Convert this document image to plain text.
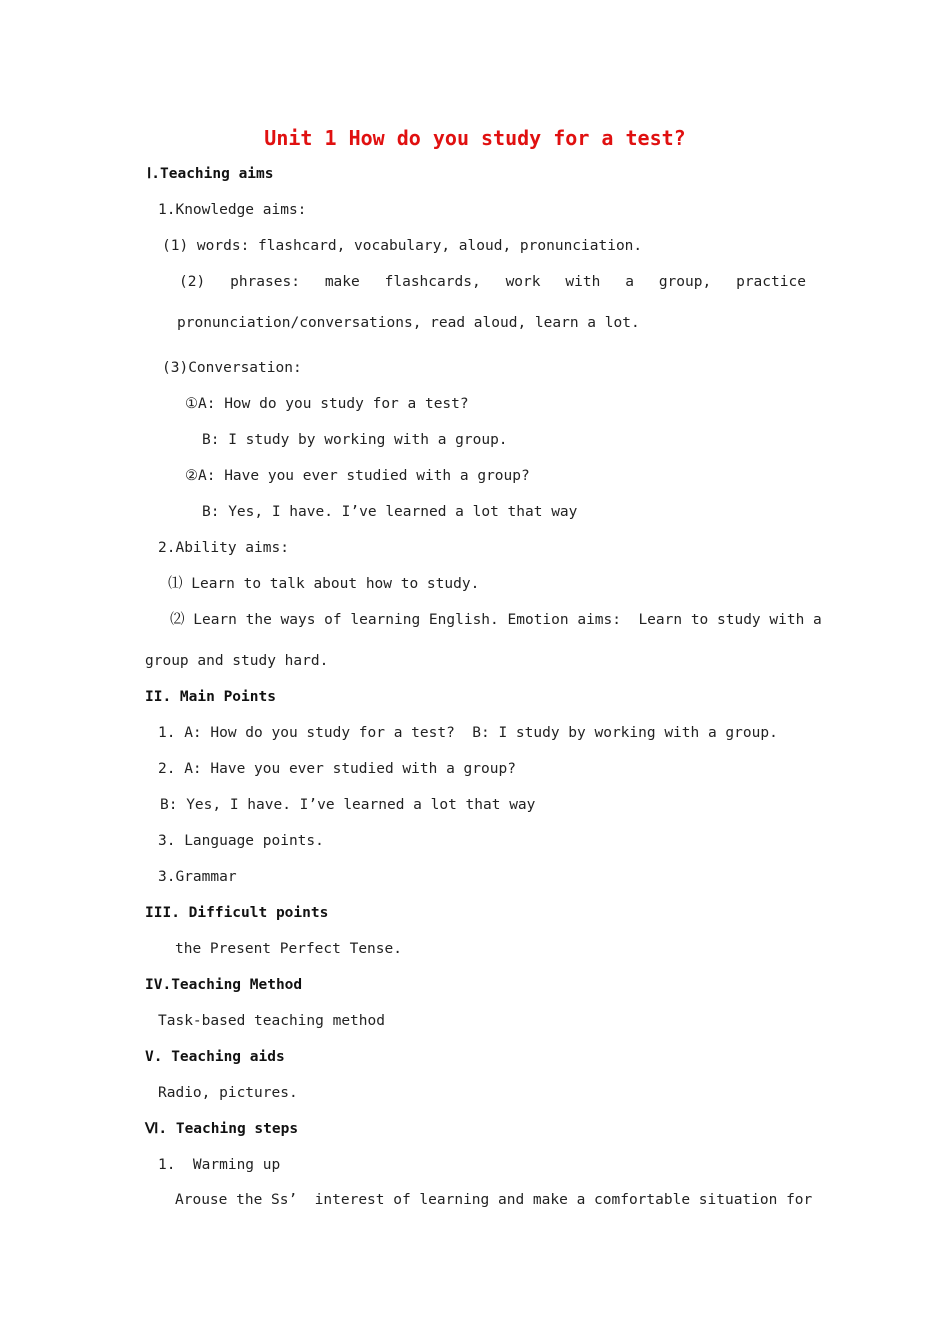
Unit 1 How do you study for a test?
Ⅰ.Teaching aims
1.Knowledge aims:
(1) words: flashcard, vocabulary, aloud, pronunciation.
(2) phrases: make flashcards, work with a group, practice
pronunciation/conversations, read aloud, learn a lot.
(3)Conversation:
①A: How do you study for a test?
B: I study by working with a group.
②A: Have you ever studied with a group?
B: Yes, I have. I’ve learned a lot that way
2.Ability aims:
⑴ Learn to talk about how to study.
⑵ Learn the ways of learning English. Emotion aims:  Learn to study with a
group and study hard.
II. Main Points
1. A: How do you study for a test?  B: I study by working with a group.
2. A: Have you ever studied with a group?
B: Yes, I have. I’ve learned a lot that way
3. Language points.
3.Grammar
III. Difficult points
the Present Perfect Tense.
IV.Teaching Method
Task-based teaching method
V. Teaching aids
Radio, pictures.
Ⅵ. Teaching steps
1.  Warming up
Arouse the Ss’  interest of learning and make a comfortable situation for
